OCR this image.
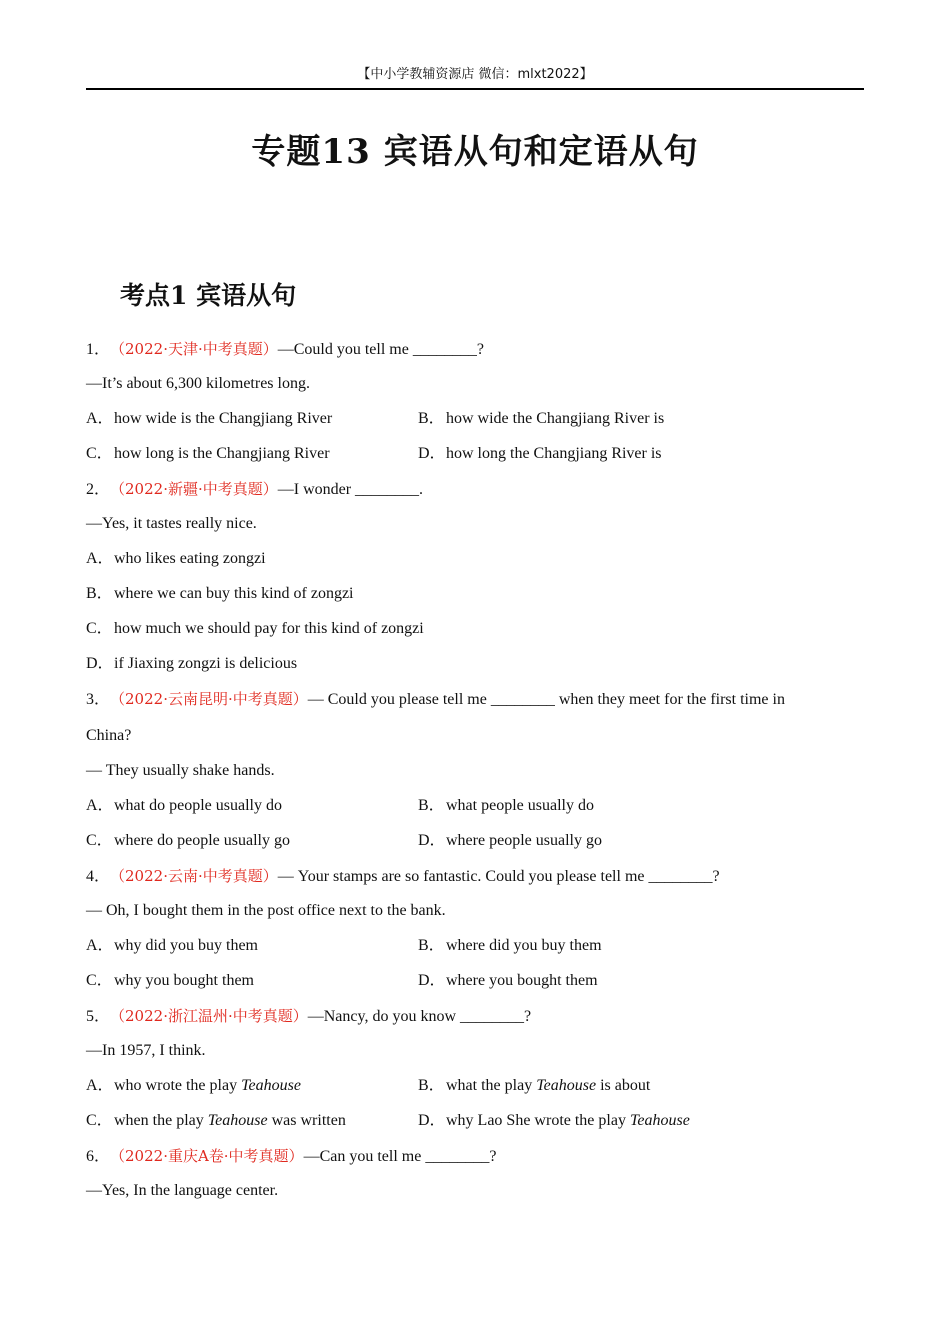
【中小学教辅资源店 微信：mlxt2022】
专题13 宾语从句和定语从句
考点1 宾语从句
1．（2022·天津·中考真题）—Could you tell me ________?
—It’s about 6,300 kilometres long.
A．how wide is the Changjiang River	B．how wide the Changjiang River is
C．how long is the Changjiang River	D．how long the Changjiang River is
2．（2022·新疆·中考真题）—I wonder ________.
—Yes, it tastes really nice.
A．who likes eating zongzi
B．where we can buy this kind of zongzi
C．how much we should pay for this kind of zongzi
D．if Jiaxing zongzi is delicious
3．（2022·云南昆明·中考真题）— Could you please tell me ________ when they meet for the first time in
China?
— They usually shake hands.
A．what do people usually do	B．what people usually do
C．where do people usually go	D．where people usually go
4．（2022·云南·中考真题）— Your stamps are so fantastic. Could you please tell me ________?
— Oh, I bought them in the post office next to the bank.
A．why did you buy them	B．where did you buy them
C．why you bought them	D．where you bought them
5．（2022·浙江温州·中考真题）—Nancy, do you know ________?
—In 1957, I think.
A．who wrote the play Teahouse	B．what the play Teahouse is about
C．when the play Teahouse was written	D．why Lao She wrote the play Teahouse
6．（2022·重庆A卷·中考真题）—Can you tell me ________?
—Yes, In the language center.
